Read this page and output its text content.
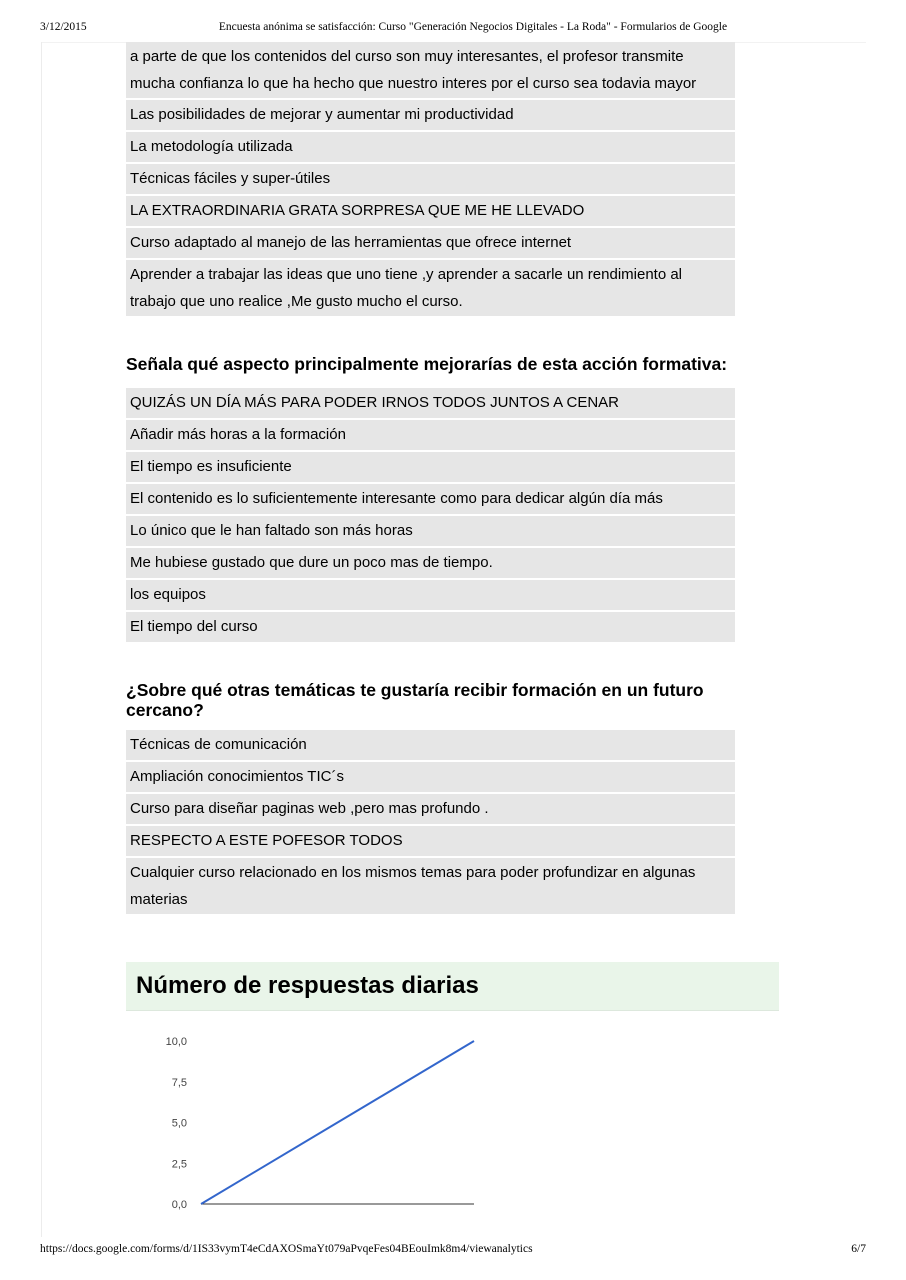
3/12/2015	Encuesta anónima se satisfacción: Curso "Generación Negocios Digitales - La Roda" - Formularios de Google
a parte de que los contenidos del curso son muy interesantes, el profesor transmite mucha confianza lo que ha hecho que nuestro interes por el curso sea todavia mayor
Las posibilidades de mejorar y aumentar mi productividad
La metodología utilizada
Técnicas fáciles y super-útiles
LA EXTRAORDINARIA GRATA SORPRESA QUE ME HE LLEVADO
Curso adaptado al manejo de las herramientas que ofrece internet
Aprender a trabajar las ideas que uno tiene ,y aprender a sacarle un rendimiento al trabajo que uno realice ,Me gusto mucho el curso.
Señala qué aspecto principalmente mejorarías de esta acción formativa:
QUIZÁS UN DÍA MÁS PARA PODER IRNOS TODOS JUNTOS A CENAR
Añadir más horas a la formación
El tiempo es insuficiente
El contenido es lo suficientemente interesante como para dedicar algún día más
Lo único que le han faltado son más horas
Me hubiese gustado que dure un poco mas de tiempo.
los equipos
El tiempo del curso
¿Sobre qué otras temáticas te gustaría recibir formación en un futuro cercano?
Técnicas de comunicación
Ampliación conocimientos TIC´s
Curso para diseñar paginas web ,pero mas profundo .
RESPECTO A ESTE POFESOR TODOS
Cualquier curso relacionado en los mismos temas para poder profundizar en algunas materias
Número de respuestas diarias
0,0
2,5
5,0
7,5
10,0
https://docs.google.com/forms/d/1IS33vymT4eCdAXOSmaYt079aPvqeFes04BEouImk8m4/viewanalytics	6/7
